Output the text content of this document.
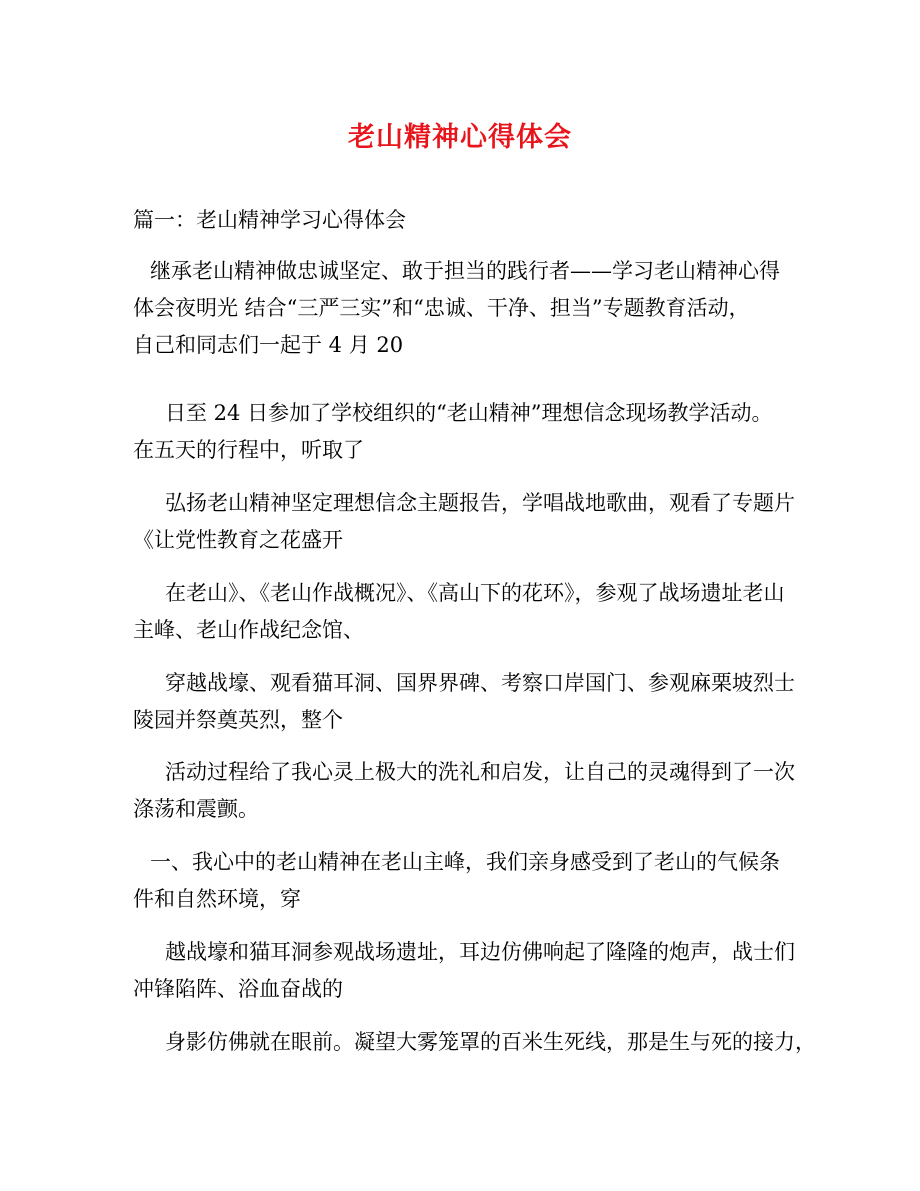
老山精神心得体会
篇一：老山精神学习心得体会
继承老山精神做忠诚坚定、敢于担当的践行者——学习老山精神心得
体会夜明光 结合“三严三实”和“忠诚、干净、担当”专题教育活动，
自己和同志们一起于 4 月 20
日至 24 日参加了学校组织的“老山精神”理想信念现场教学活动。
在五天的行程中，听取了
弘扬老山精神坚定理想信念主题报告，学唱战地歌曲，观看了专题片
《让党性教育之花盛开
在老山》、《老山作战概况》、《高山下的花环》，参观了战场遗址老山
主峰、老山作战纪念馆、
穿越战壕、观看猫耳洞、国界界碑、考察口岸国门、参观麻栗坡烈士
陵园并祭奠英烈，整个
活动过程给了我心灵上极大的洗礼和启发，让自己的灵魂得到了一次
涤荡和震颤。
一、我心中的老山精神在老山主峰，我们亲身感受到了老山的气候条
件和自然环境，穿
越战壕和猫耳洞参观战场遗址，耳边仿佛响起了隆隆的炮声，战士们
冲锋陷阵、浴血奋战的
身影仿佛就在眼前。凝望大雾笼罩的百米生死线，那是生与死的接力，
